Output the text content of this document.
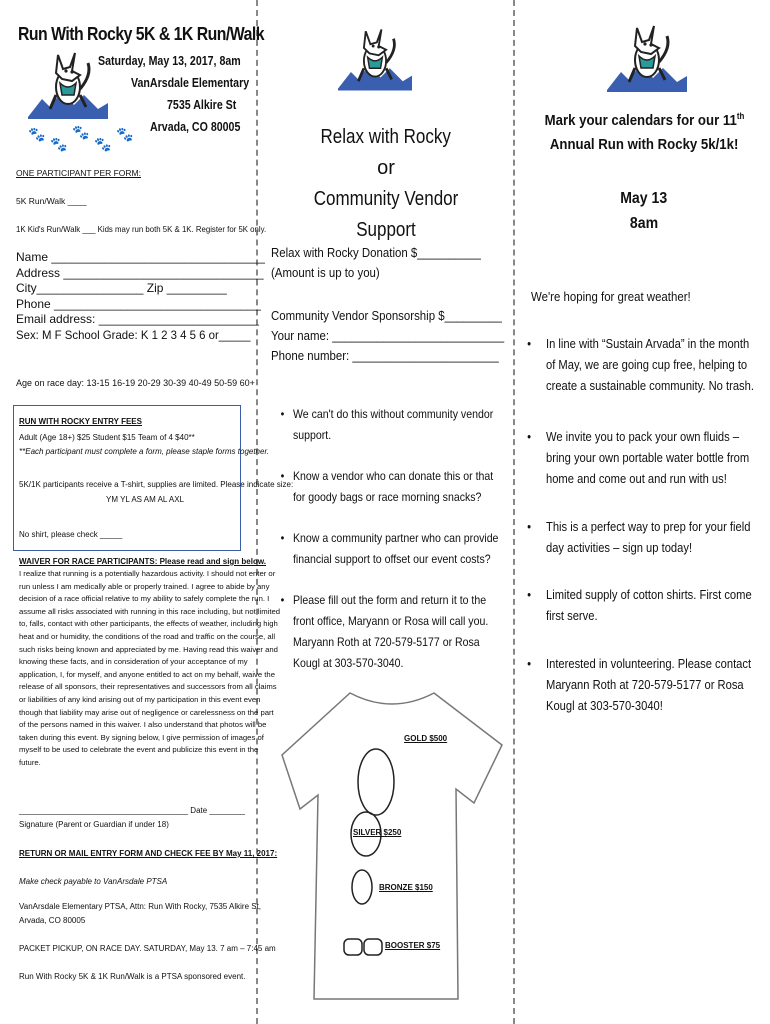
Run With Rocky 5K & 1K Run/Walk
Saturday, May 13, 2017, 8am
VanArsdale Elementary
7535 Alkire St
Arvada, CO 80005
🐾
🐾
🐾
🐾
🐾
ONE PARTICIPANT PER FORM:
5K Run/Walk ____
1K Kid's Run/Walk ___ Kids may run both 5K & 1K. Register for 5K only.
Name ________________________________
Address ______________________________
City________________ Zip _________
Phone _______________________________
Email address: ________________________
Sex: M F School Grade: K 1 2 3 4 5 6 or_____
Age on race day: 13-15 16-19 20-29 30-39 40-49 50-59 60+
RUN WITH ROCKY ENTRY FEES
Adult (Age 18+) $25 Student $15 Team of 4 $40**
**Each participant must complete a form, please staple forms together.
5K/1K participants receive a T-shirt, supplies are limited. Please indicate size:
YM YL AS AM AL AXL
No shirt, please check _____
WAIVER FOR RACE PARTICIPANTS: Please read and sign below.
I realize that running is a potentially hazardous activity. I should not enter or
run unless I am medically able or properly trained. I agree to abide by any
decision of a race official relative to my ability to safely complete the run. I
assume all risks associated with running in this race including, but not limited
to, falls, contact with other participants, the effects of weather, including high
heat and or humidity, the conditions of the road and traffic on the course, all
such risks being known and appreciated by me. Having read this waiver and
knowing these facts, and in consideration of your acceptance of my
application, I, for myself, and anyone entitled to act on my behalf, waive the
release of all sponsors, their representatives and successors from all claims
or liabilities of any kind arising out of my participation in this event even
though that liability may arise out of negligence or carelessness on the part
of the persons named in this waiver. I also understand that photos will be
taken during this event. By signing below, I give permission of images of
myself to be used to celebrate the event and publicize this event in the
future.
______________________________________ Date ________
Signature (Parent or Guardian if under 18)
RETURN OR MAIL ENTRY FORM AND CHECK FEE BY May 11, 2017:
Make check payable to VanArsdale PTSA
VanArsdale Elementary PTSA, Attn: Run With Rocky, 7535 Alkire St,
Arvada, CO 80005
PACKET PICKUP, ON RACE DAY. SATURDAY, May 13. 7 am – 7:45 am
Run With Rocky 5K & 1K Run/Walk is a PTSA sponsored event.
Relax with Rocky
or
Community Vendor Support
Relax with Rocky Donation $__________
(Amount is up to you)
Community Vendor Sponsorship $_________
Your name: ___________________________
Phone number: _______________________
• We can't do this without community vendor
support.
• Know a vendor who can donate this or that
for goody bags or race morning snacks?
• Know a community partner who can provide
financial support to offset our event costs?
• Please fill out the form and return it to the
front office, Maryann or Rosa will call you.
Maryann Roth at 720-579-5177 or Rosa
Kougl at 303-570-3040.
GOLD $500
SILVER $250
BRONZE $150
BOOSTER $75
Mark your calendars for our 11th
Annual Run with Rocky 5k/1k!
May 13
8am
We're hoping for great weather!
• In line with “Sustain Arvada” in the month
of May, we are going cup free, helping to
create a sustainable community. No trash.
• We invite you to pack your own fluids –
bring your own portable water bottle from
home and come out and run with us!
• This is a perfect way to prep for your field
day activities – sign up today!
• Limited supply of cotton shirts. First come
first serve.
• Interested in volunteering. Please contact
Maryann Roth at 720-579-5177 or Rosa
Kougl at 303-570-3040!
